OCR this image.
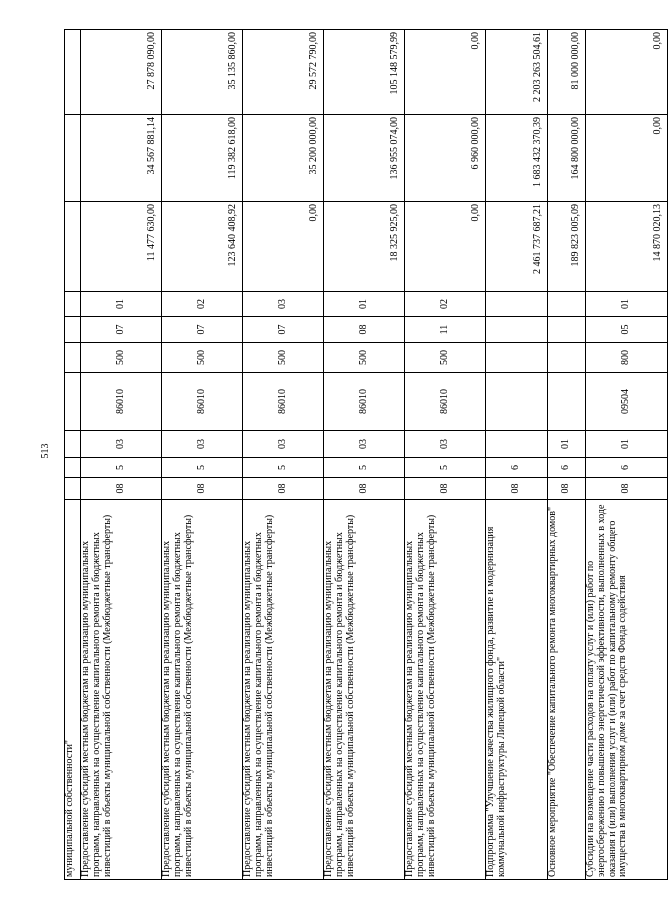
513
муниципальной собственности"										
Предоставление субсидий местным бюджетам на реализацию муниципальных программ, направленных на осуществление капитального ремонта и бюджетных инвестиций в объекты муниципальной собственности (Межбюджетные трансферты)	08	5	03	86010	500	07	01	11 477 630,00	34 567 881,14	27 878 090,00
Предоставление субсидий местным бюджетам на реализацию муниципальных программ, направленных на осуществление капитального ремонта и бюджетных инвестиций в объекты муниципальной собственности (Межбюджетные трансферты)	08	5	03	86010	500	07	02	123 640 408,92	119 382 618,00	35 135 860,00
Предоставление субсидий местным бюджетам на реализацию муниципальных программ, направленных на осуществление капитального ремонта и бюджетных инвестиций в объекты муниципальной собственности (Межбюджетные трансферты)	08	5	03	86010	500	07	03	0,00	35 200 000,00	29 572 790,00
Предоставление субсидий местным бюджетам на реализацию муниципальных программ, направленных на осуществление капитального ремонта и бюджетных инвестиций в объекты муниципальной собственности (Межбюджетные трансферты)	08	5	03	86010	500	08	01	18 325 925,00	136 955 074,00	105 148 579,99
Предоставление субсидий местным бюджетам на реализацию муниципальных программ, направленных на осуществление капитального ремонта и бюджетных инвестиций в объекты муниципальной собственности (Межбюджетные трансферты)	08	5	03	86010	500	11	02	0,00	6 960 000,00	0,00
Подпрограмма "Улучшение качества жилищного фонда, развитие и модернизация коммунальной инфраструктуры Липецкой области"	08	6						2 461 737 687,21	1 683 432 370,39	2 203 263 504,61
Основное мероприятие "Обеспечение капитального ремонта многоквартирных домов"	08	6	01					189 823 005,09	164 800 000,00	81 000 000,00
Субсидии на возмещение части расходов на оплату услуг и (или) работ по энергосбережению и повышению энергетической эффективности, выполненных в ходе оказания и (или) выполнения услуг и (или) работ по капитальному ремонту общего имущества в многоквартирном доме за счет средств Фонда содействия	08	6	01	09504	800	05	01	14 870 020,13	0,00	0,00
